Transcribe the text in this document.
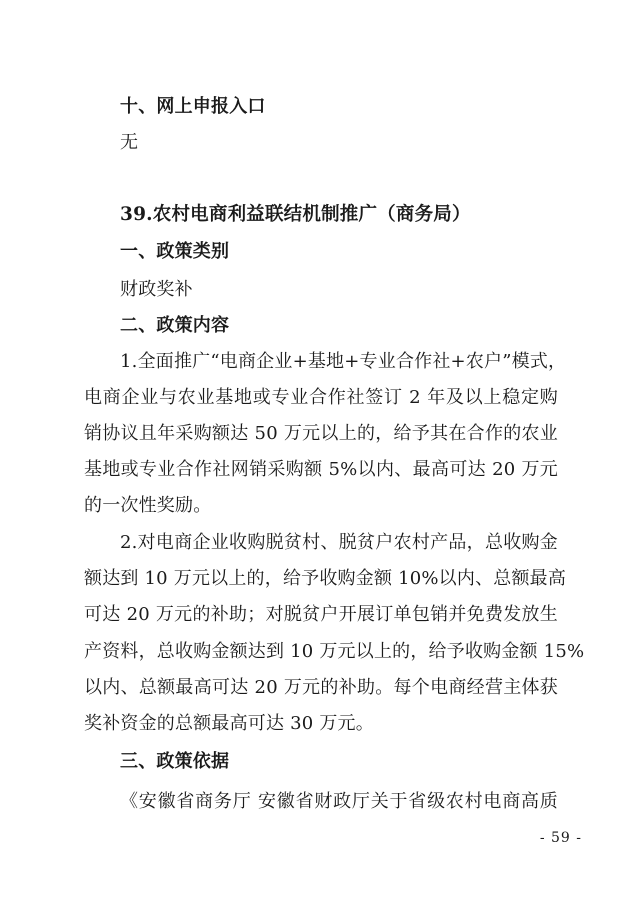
十、网上申报入口
无
39.农村电商利益联结机制推广（商务局）
一、政策类别
财政奖补
二、政策内容
1.全面推广“电商企业+基地+专业合作社+农户”模式，
电商企业与农业基地或专业合作社签订 2 年及以上稳定购
销协议且年采购额达 50 万元以上的，给予其在合作的农业
基地或专业合作社网销采购额 5%以内、最高可达 20 万元
的一次性奖励。
2.对电商企业收购脱贫村、脱贫户农村产品，总收购金
额达到 10 万元以上的，给予收购金额 10%以内、总额最高
可达 20 万元的补助；对脱贫户开展订单包销并免费发放生
产资料，总收购金额达到 10 万元以上的，给予收购金额 15%
以内、总额最高可达 20 万元的补助。每个电商经营主体获
奖补资金的总额最高可达 30 万元。
三、政策依据
《安徽省商务厅 安徽省财政厅关于省级农村电商高质
- 59 -
